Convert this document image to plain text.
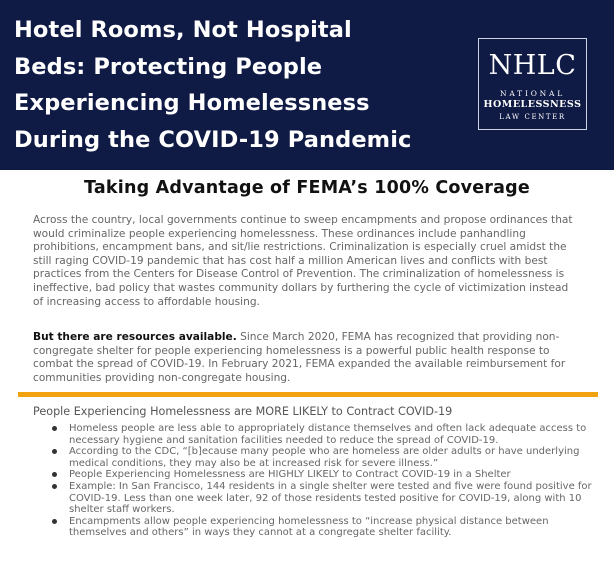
Hotel Rooms, Not Hospital
Beds: Protecting People
Experiencing Homelessness
During the COVID-19 Pandemic
NHLC
NATIONAL
HOMELESSNESS
LAW CENTER
Taking Advantage of FEMA’s 100% Coverage

Across the country, local governments continue to sweep encampments and propose ordinances that would criminalize people experiencing homelessness. These ordinances include panhandling prohibitions, encampment bans, and sit/lie restrictions. Criminalization is especially cruel amidst the still raging COVID-19 pandemic that has cost half a million American lives and conflicts with best practices from the Centers for Disease Control of Prevention. The criminalization of homelessness is ineffective, bad policy that wastes community dollars by furthering the cycle of victimization instead of increasing access to affordable housing.

But there are resources available. Since March 2020, FEMA has recognized that providing non-congregate shelter for people experiencing homelessness is a powerful public health response to combat the spread of COVID-19. In February 2021, FEMA expanded the available reimbursement for communities providing non-congregate housing.

People Experiencing Homelessness are MORE LIKELY to Contract COVID-19
Homeless people are less able to appropriately distance themselves and often lack adequate access to necessary hygiene and sanitation facilities needed to reduce the spread of COVID-19.
According to the CDC, “[b]ecause many people who are homeless are older adults or have underlying medical conditions, they may also be at increased risk for severe illness.”
People Experiencing Homelessness are HIGHLY LIKELY to Contract COVID-19 in a Shelter
Example: In San Francisco, 144 residents in a single shelter were tested and five were found positive for COVID-19. Less than one week later, 92 of those residents tested positive for COVID-19, along with 10 shelter staff workers.
Encampments allow people experiencing homelessness to “increase physical distance between themselves and others” in ways they cannot at a congregate shelter facility.
